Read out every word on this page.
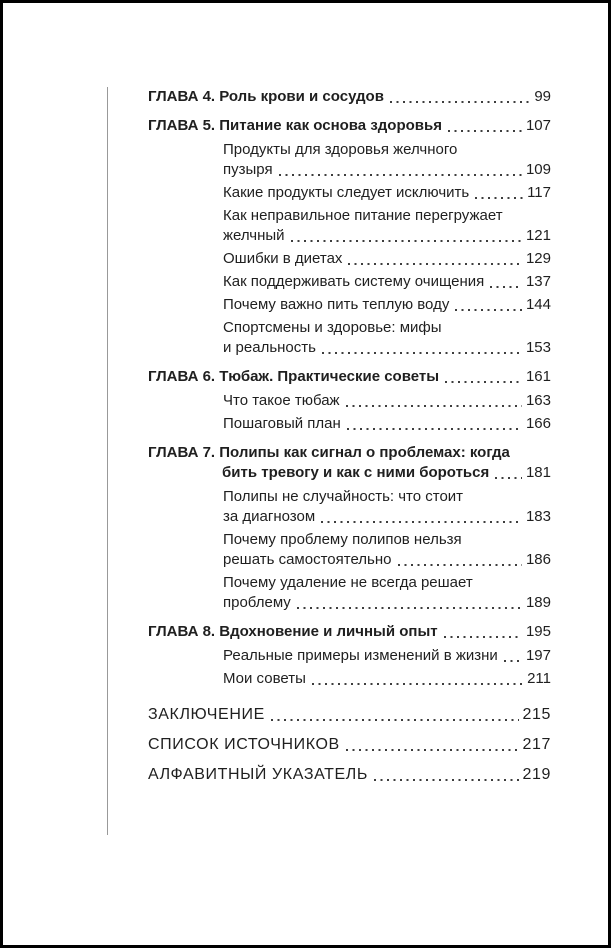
ГЛАВА 4. Роль крови и сосудов	99
ГЛАВА 5. Питание как основа здоровья	107
Продукты для здоровья желчного
пузыря	109
Какие продукты следует исключить	117
Как неправильное питание перегружает
желчный	121
Ошибки в диетах	129
Как поддерживать систему очищения	137
Почему важно пить теплую воду	144
Спортсмены и здоровье: мифы
и реальность	153
ГЛАВА 6. Тюбаж. Практические советы	161
Что такое тюбаж	163
Пошаговый план	166
ГЛАВА 7. Полипы как сигнал о проблемах: когда
бить тревогу и как с ними бороться 181
Полипы не случайность: что стоит
за диагнозом	183
Почему проблему полипов нельзя
решать самостоятельно	186
Почему удаление не всегда решает
проблему	189
ГЛАВА 8. Вдохновение и личный опыт	195
Реальные примеры изменений в жизни 197
Мои советы	211
ЗАКЛЮЧЕНИЕ	215
СПИСОК ИСТОЧНИКОВ	217
АЛФАВИТНЫЙ УКАЗАТЕЛЬ	219
